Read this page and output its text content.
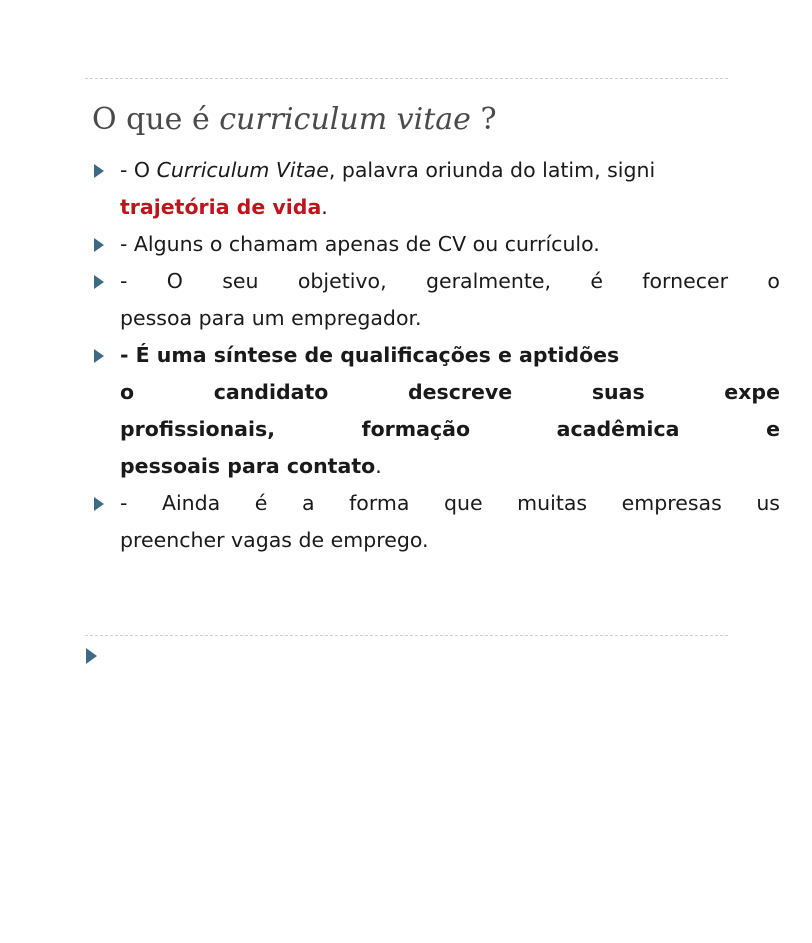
O que é curriculum vitae ?
- O Curriculum Vitae, palavra oriunda do latim, signi
trajetória de vida.
- Alguns o chamam apenas de CV ou currículo.
- O seu objetivo, geralmente, é fornecer o
pessoa para um empregador.
- É uma síntese de qualificações e aptidões
o	candidato	descreve	suas	expe
profissionais,	formação	acadêmica	e
pessoais para contato.
- Ainda é a forma que muitas empresas us
preencher vagas de emprego.
